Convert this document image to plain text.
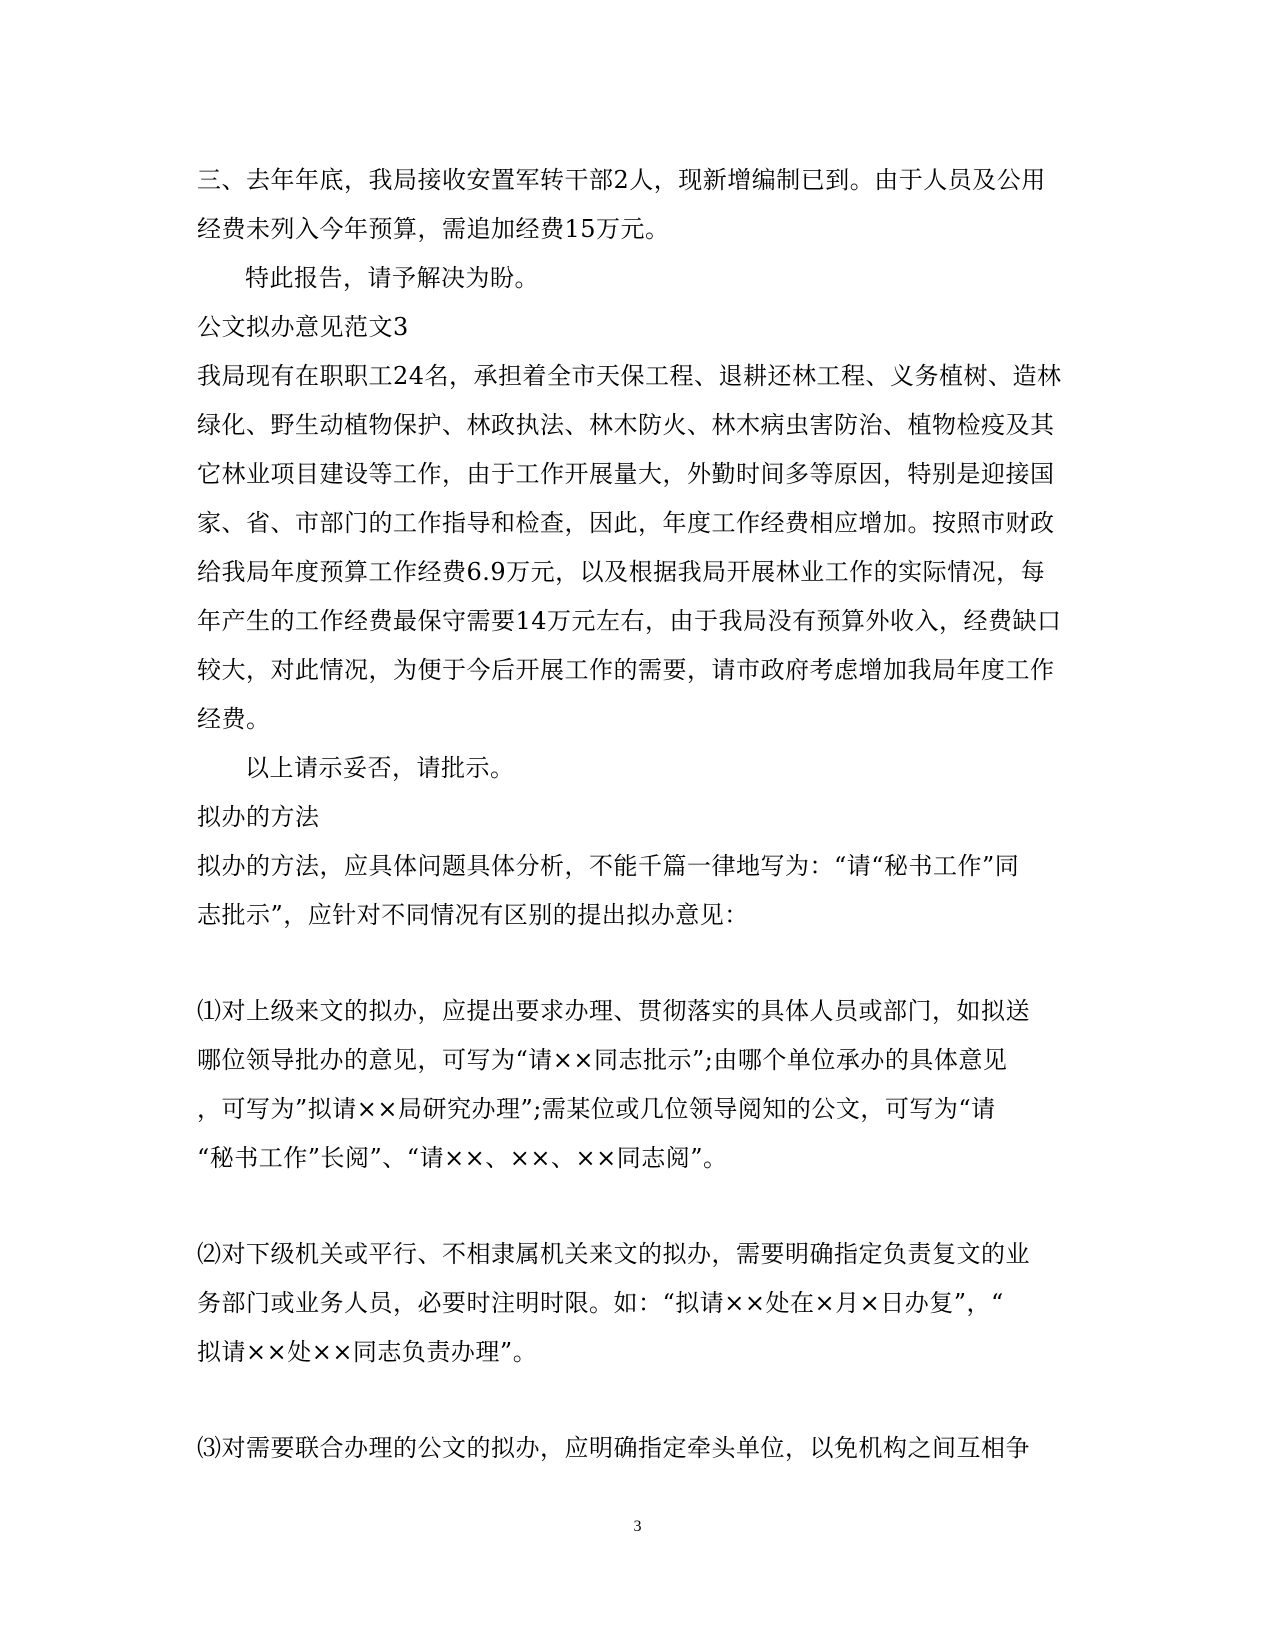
三、去年年底，我局接收安置军转干部2人，现新增编制已到。由于人员及公用
经费未列入今年预算，需追加经费15万元。
特此报告，请予解决为盼。
公文拟办意见范文3
我局现有在职职工24名，承担着全市天保工程、退耕还林工程、义务植树、造林
绿化、野生动植物保护、林政执法、林木防火、林木病虫害防治、植物检疫及其
它林业项目建设等工作，由于工作开展量大，外勤时间多等原因，特别是迎接国
家、省、市部门的工作指导和检查，因此，年度工作经费相应增加。按照市财政
给我局年度预算工作经费6.9万元，以及根据我局开展林业工作的实际情况，每
年产生的工作经费最保守需要14万元左右，由于我局没有预算外收入，经费缺口
较大，对此情况，为便于今后开展工作的需要，请市政府考虑增加我局年度工作
经费。
以上请示妥否，请批示。
拟办的方法
拟办的方法，应具体问题具体分析，不能千篇一律地写为：“请“秘书工作”同
志批示”，应针对不同情况有区别的提出拟办意见：
⑴对上级来文的拟办，应提出要求办理、贯彻落实的具体人员或部门，如拟送
哪位领导批办的意见，可写为“请××同志批示”;由哪个单位承办的具体意见
，可写为”拟请××局研究办理”;需某位或几位领导阅知的公文，可写为“请
“秘书工作”长阅”、“请××、××、××同志阅”。
⑵对下级机关或平行、不相隶属机关来文的拟办，需要明确指定负责复文的业
务部门或业务人员，必要时注明时限。如：“拟请××处在×月×日办复”，“
拟请××处××同志负责办理”。
⑶对需要联合办理的公文的拟办，应明确指定牵头单位，以免机构之间互相争
3
